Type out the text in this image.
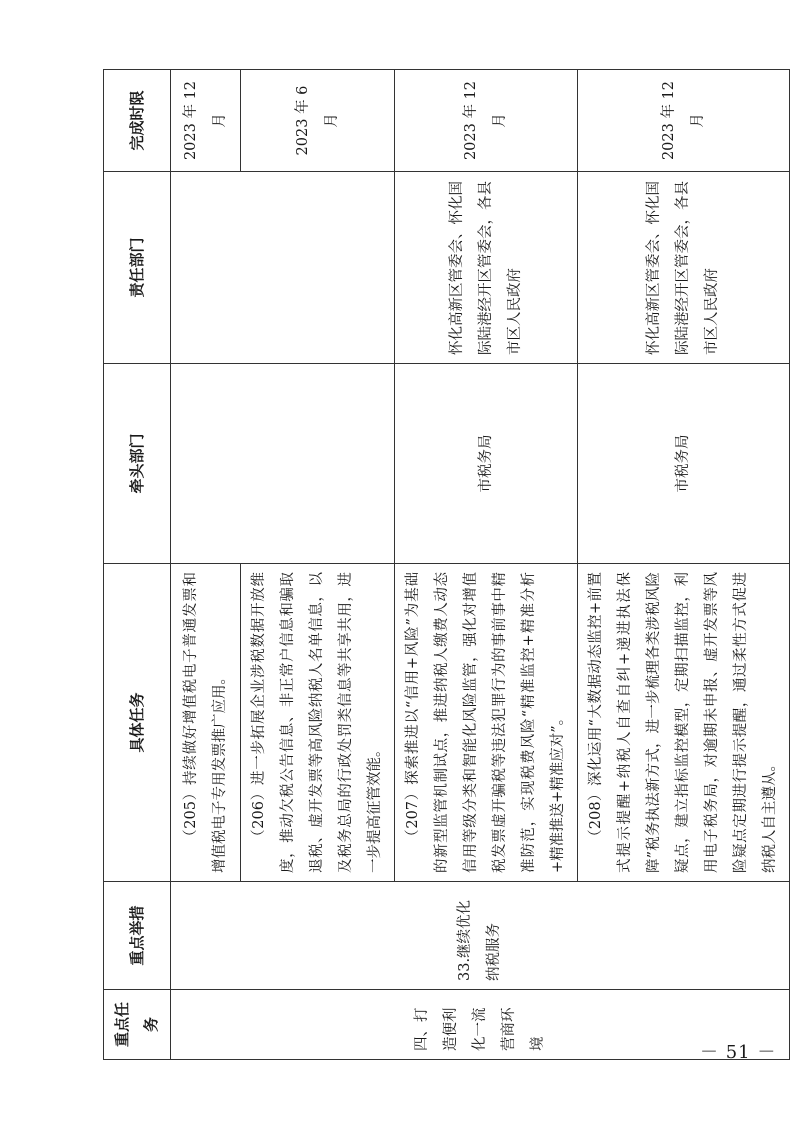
重点任务	重点举措	具体任务	牵头部门	责任部门	完成时限
四、打造便利化一流营商环境	33.继续优化纳税服务	（205）持续做好增值税电子普通发票和增值税电子专用发票推广应用。			2023 年 12 月

		（206）进一步拓展企业涉税数据开放维度，推动欠税公告信息、非正常户信息和骗取退税、虚开发票等高风险纳税人名单信息，以及税务总局的行政处罚类信息等共享共用，进一步提高征管效能。			2023 年 6 月

		（207）探索推进以“信用+风险”为基础的新型监管机制试点，推进纳税人缴费人动态信用等级分类和智能化风险监管，强化对增值税发票虚开骗税等违法犯罪行为的事前事中精准防范，实现税费风险“精准监控+精准分析+精准推送+精准应对”。	市税务局	怀化高新区管委会、怀化国际陆港经开区管委会，各县市区人民政府	2023 年 12 月

		（208）深化运用“大数据动态监控+前置式提示提醒+纳税人自查自纠+递进执法保障”税务执法新方式，进一步梳理各类涉税风险疑点，建立指标监控模型，定期扫描监控，利用电子税务局，对逾期未申报、虚开发票等风险疑点定期进行提示提醒，通过柔性方式促进纳税人自主遵从。	市税务局	怀化高新区管委会、怀化国际陆港经开区管委会，各县市区人民政府	2023 年 12 月
－ 51 －
